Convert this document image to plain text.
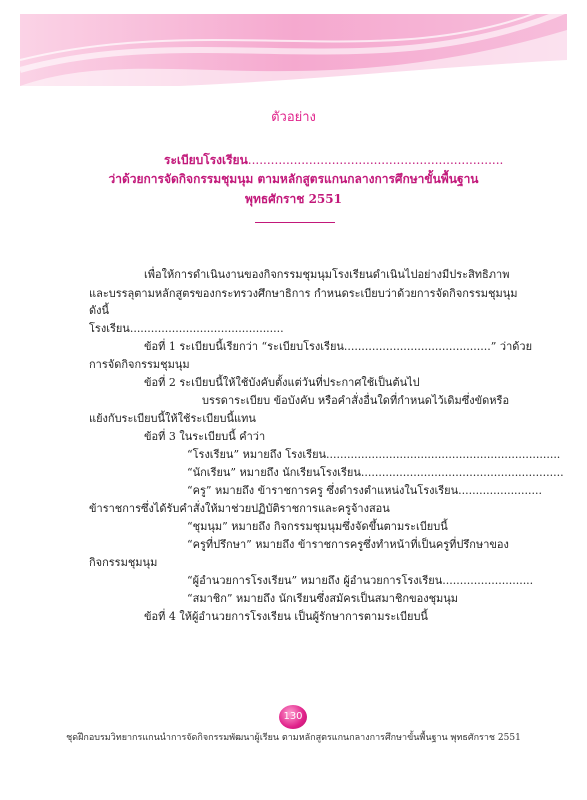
ตัวอย่าง
ระเบียบโรงเรียน...................................................................
ว่าด้วยการจัดกิจกรรมชุมนุม ตามหลักสูตรแกนกลางการศึกษาขั้นพื้นฐาน
พุทธศักราช 2551
เพื่อให้การดำเนินงานของกิจกรรมชุมนุมโรงเรียนดำเนินไปอย่างมีประสิทธิภาพ
และบรรลุตามหลักสูตรของกระทรวงศึกษาธิการ กำหนดระเบียบว่าด้วยการจัดกิจกรรมชุมนุม
ดังนี้
โรงเรียน............................................
ข้อที่ 1 ระเบียบนี้เรียกว่า “ระเบียบโรงเรียน..........................................” ว่าด้วย
การจัดกิจกรรมชุมนุม
ข้อที่ 2 ระเบียบนี้ให้ใช้บังคับตั้งแต่วันที่ประกาศใช้เป็นต้นไป
บรรดาระเบียบ ข้อบังคับ หรือคำสั่งอื่นใดที่กำหนดไว้เดิมซึ่งขัดหรือ
แย้งกับระเบียบนี้ให้ใช้ระเบียบนี้แทน
ข้อที่ 3 ในระเบียบนี้ คำว่า
“โรงเรียน” หมายถึง โรงเรียน...................................................................
“นักเรียน” หมายถึง นักเรียนโรงเรียน..........................................................
“ครู” หมายถึง ข้าราชการครู ซึ่งดำรงตำแหน่งในโรงเรียน........................
ข้าราชการซึ่งได้รับคำสั่งให้มาช่วยปฏิบัติราชการและครูจ้างสอน
“ชุมนุม” หมายถึง กิจกรรมชุมนุมซึ่งจัดขึ้นตามระเบียบนี้
“ครูที่ปรึกษา” หมายถึง ข้าราชการครูซึ่งทำหน้าที่เป็นครูที่ปรึกษาของ
กิจกรรมชุมนุม
“ผู้อำนวยการโรงเรียน” หมายถึง ผู้อำนวยการโรงเรียน..........................
“สมาชิก” หมายถึง นักเรียนซึ่งสมัครเป็นสมาชิกของชุมนุม
ข้อที่ 4 ให้ผู้อำนวยการโรงเรียน เป็นผู้รักษาการตามระเบียบนี้
130
ชุดฝึกอบรมวิทยากรแกนนำการจัดกิจกรรมพัฒนาผู้เรียน ตามหลักสูตรแกนกลางการศึกษาขั้นพื้นฐาน พุทธศักราช 2551
